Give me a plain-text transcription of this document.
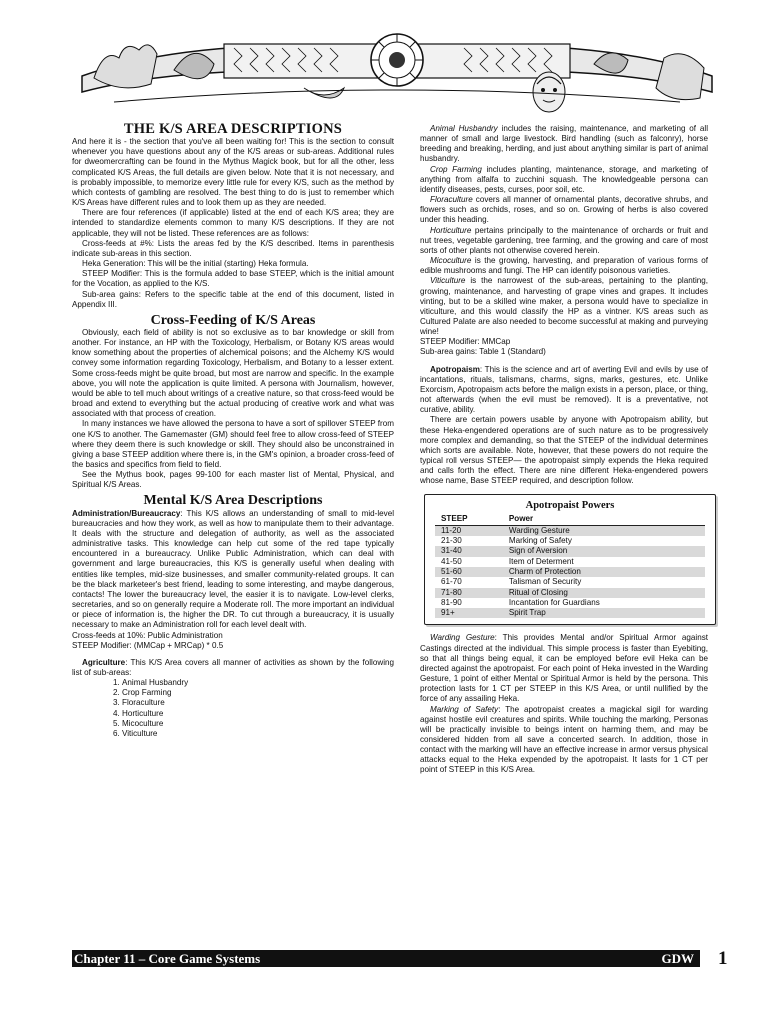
THE K/S AREA DESCRIPTIONS

And here it is - the section that you've all been waiting for! This is the section to consult whenever you have questions about any of the K/S areas or sub-areas. Additional rules for dweomercrafting can be found in the Mythus Magick book, but for all the other, less complicated K/S Areas, the full details are given below. Note that it is not necessary, and is probably impossible, to memorize every little rule for every K/S, such as the method by which contests of gambling are resolved. The best thing to do is just to remember which K/S Areas have different rules and to look them up as they are needed.

There are four references (if applicable) listed at the end of each K/S area; they are intended to standardize elements common to many K/S descriptions. If they are not applicable, they will not be listed. These references are as follows:

Cross-feeds at #%: Lists the areas fed by the K/S described. Items in parenthesis indicate sub-areas in this section.

Heka Generation: This will be the initial (starting) Heka formula.

STEEP Modifier: This is the formula added to base STEEP, which is the initial amount for the Vocation, as applied to the K/S.

Sub-area gains: Refers to the specific table at the end of this document, listed in Appendix III.

Cross-Feeding of K/S Areas

Obviously, each field of ability is not so exclusive as to bar knowledge or skill from another. For instance, an HP with the Toxicology, Herbalism, or Botany K/S areas would know something about the properties of alchemical poisons; and the Alchemy K/S would convey some information regarding Toxicology, Herbalism, and Botany to a lesser extent. Some cross-feeds might be quite broad, but most are narrow and specific. In the example above, you will note the application is quite limited. A persona with Journalism, however, would be able to tell much about writings of a creative nature, so that cross-feed would be broad and extend to everything but the actual producing of creative work and what was associated with that process of creation.

In many instances we have allowed the persona to have a sort of spillover STEEP from one K/S to another. The Gamemaster (GM) should feel free to allow cross-feed of STEEP where they deem there is such knowledge or skill. They should also be unconstrained in giving a base STEEP addition where there is, in the GM's opinion, a broader cross-feed of the basics and specifics from field to field.

See the Mythus book, pages 99-100 for each master list of Mental, Physical, and Spiritual K/S Areas.

Mental K/S Area Descriptions

Administration/Bureaucracy: This K/S allows an understanding of small to mid-level bureaucracies and how they work, as well as how to manipulate them to their advantage. It deals with the structure and delegation of authority, as well as the associated administrative tasks. This knowledge can help cut some of the red tape typically encountered in a bureaucracy. Unlike Public Administration, which can deal with government and large bureaucracies, this K/S is generally useful when dealing with entities like temples, mid-size businesses, and smaller community-related groups. It can be the black marketeer's best friend, leading to some interesting, and maybe dangerous, contacts! The lower the bureaucracy level, the easier it is to navigate. Low-level clerks, secretaries, and so on generally require a Moderate roll. The more important an individual or piece of information is, the higher the DR. To cut through a bureaucracy, it is usually necessary to make an Administration roll for each level dealt with.

Cross-feeds at 10%: Public Administration

STEEP Modifier: (MMCap + MRCap) * 0.5

Agriculture: This K/S Area covers all manner of activities as shown by the following list of sub-areas:

1. Animal Husbandry
2. Crop Farming
3. Floraculture
4. Horticulture
5. Micoculture
6. Viticulture

Animal Husbandry includes the raising, maintenance, and marketing of all manner of small and large livestock. Bird handling (such as falconry), horse breeding and breaking, herding, and just about anything similar is part of animal husbandry.

Crop Farming includes planting, maintenance, storage, and marketing of anything from alfalfa to zucchini squash. The knowledgeable persona can identify diseases, pests, curses, poor soil, etc.

Floraculture covers all manner of ornamental plants, decorative shrubs, and flowers such as orchids, roses, and so on. Growing of herbs is also covered under this heading.

Horticulture pertains principally to the maintenance of orchards or fruit and nut trees, vegetable gardening, tree farming, and the growing and care of most sorts of other plants not otherwise covered herein.

Micoculture is the growing, harvesting, and preparation of various forms of edible mushrooms and fungi. The HP can identify poisonous varieties.

Viticulture is the narrowest of the sub-areas, pertaining to the planting, growing, maintenance, and harvesting of grape vines and grapes. It includes vinting, but to be a skilled wine maker, a persona would have to specialize in viticulture, and this would classify the HP as a vintner. K/S areas such as Cultured Palate are also needed to become successful at making and purveying wine!

STEEP Modifier: MMCap

Sub-area gains: Table 1 (Standard)

Apotropaism: This is the science and art of averting Evil and evils by use of incantations, rituals, talismans, charms, signs, marks, gestures, etc. Unlike Exorcism, Apotropaism acts before the malign exists in a person, place, or thing, not afterwards (when the evil must be removed). It is a preventative, not curative, ability.

There are certain powers usable by anyone with Apotropaism ability, but these Heka-engendered operations are of such nature as to be progressively more complex and demanding, so that the STEEP of the individual determines which sorts are available. Note, however, that these powers do not require the typical roll versus STEEP— the apotropaist simply expends the Heka required and calls forth the effect. There are nine different Heka-engendered powers whose name, Base STEEP required, and description follow.

Apotropaist Powers
STEEP	Power
11-20	Warding Gesture
21-30	Marking of Safety
31-40	Sign of Aversion
41-50	Item of Determent
51-60	Charm of Protection
61-70	Talisman of Security
71-80	Ritual of Closing
81-90	Incantation for Guardians
91+	Spirit Trap

Warding Gesture: This provides Mental and/or Spiritual Armor against Castings directed at the individual. This simple process is faster than Eyebiting, so that all things being equal, it can be employed before evil Heka can be directed against the apotropaist. For each point of Heka invested in the Warding Gesture, 1 point of either Mental or Spiritual Armor is held by the persona. This protection lasts for 1 CT per STEEP in this K/S Area, or until nullified by the force of any assailing Heka.

Marking of Safety: The apotropaist creates a magickal sigil for warding against hostile evil creatures and spirits. While touching the marking, Personas will be practically invisible to beings intent on harming them, and may be considered hidden from all save a concerted search. In addition, those in contact with the marking will have an effective increase in armor versus physical attacks equal to the Heka expended by the apotropaist. It lasts for 1 CT per point of STEEP in this K/S Area.

Chapter 11 – Core Game Systems	GDW 1
